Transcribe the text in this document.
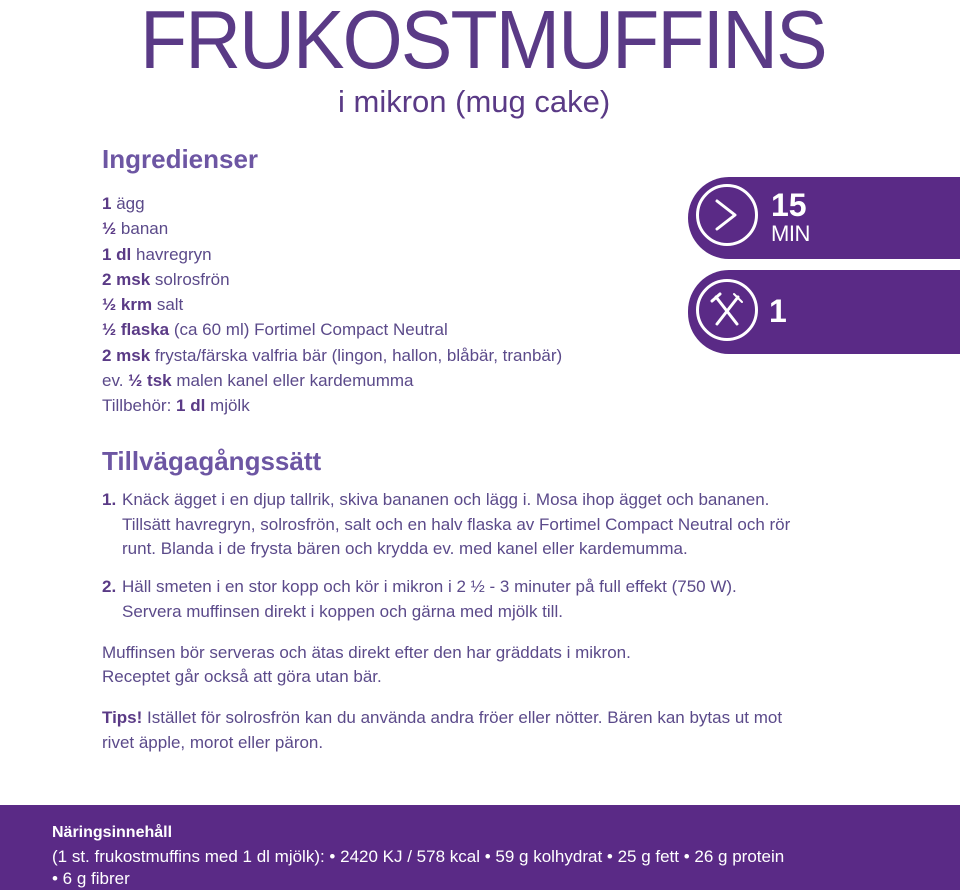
FRUKOSTMUFFINS
i mikron (mug cake)
Ingredienser
1 ägg
½ banan
1 dl havregryn
2 msk solrosfrön
½ krm salt
½ flaska (ca 60 ml) Fortimel Compact Neutral
2 msk frysta/färska valfria bär (lingon, hallon, blåbär, tranbär)
ev. ½ tsk malen kanel eller kardemumma
Tillbehör: 1 dl mjölk
15
MIN
1
Tillvägagångssätt
1. Knäck ägget i en djup tallrik, skiva bananen och lägg i. Mosa ihop ägget och bananen.
Tillsätt havregryn, solrosfrön, salt och en halv flaska av Fortimel Compact Neutral och rör
runt. Blanda i de frysta bären och krydda ev. med kanel eller kardemumma.
2. Häll smeten i en stor kopp och kör i mikron i 2 ½ - 3 minuter på full effekt (750 W).
Servera muffinsen direkt i koppen och gärna med mjölk till.
Muffinsen bör serveras och ätas direkt efter den har gräddats i mikron.
Receptet går också att göra utan bär.
Tips! Istället för solrosfrön kan du använda andra fröer eller nötter. Bären kan bytas ut mot
rivet äpple, morot eller päron.
Näringsinnehåll
(1 st. frukostmuffins med 1 dl mjölk): • 2420 KJ / 578 kcal • 59 g kolhydrat • 25 g fett • 26 g protein
• 6 g fibrer
